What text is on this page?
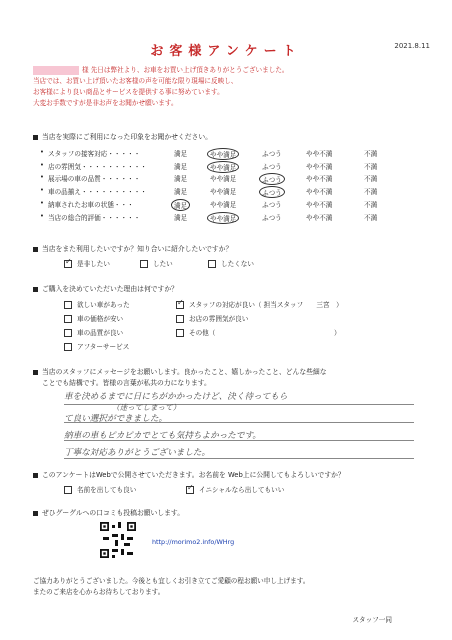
お客様アンケート	2021.8.11
様 先日は弊社より、お車をお買い上げ頂きありがとうございました。
当店では、お買い上げ頂いたお客様の声を可能な限り現場に反映し、
お客様により良い商品とサービスを提供する事に努めています。
大変お手数ですが是非お声をお聞かせ願います。
当店を実際にご利用になった印象をお聞かせください。
• スタッフの接客対応・・・・・	満足	やや満足	ふつう	やや不満	不満
• 店の雰囲気・・・・・・・・・・	満足	やや満足	ふつう	やや不満	不満
• 展示場の車の品質・・・・・・	満足	やや満足	ふつう	やや不満	不満
• 車の品揃え・・・・・・・・・・	満足	やや満足	ふつう	やや不満	不満
• 納車されたお車の状態・・・	満足	やや満足	ふつう	やや不満	不満
• 当店の総合的評価・・・・・・	満足	やや満足	ふつう	やや不満	不満
当店をまた利用したいですか？知り合いに紹介したいですか？
✓是非したい	したい	したくない
ご購入を決めていただいた理由は何ですか？
欲しい車があった
車の価格が安い
車の品質が良い
アフターサービス
✓スタッフの対応が良い（ 担当スタッフ　　三宮　）
お店の雰囲気が良い
その他（　　　　　　　　　　　　　　　　　　）
当店のスタッフにメッセージをお願いします。良かったこと、嬉しかったこと、どんな些細な
ことでも結構です。皆様の言葉が私共の力になります。
車を決めるまでに日にちがかかったけど、決く待ってもら
（迷ってしまって）
て良い選択ができました。
納車の車もピカピカでとても気持ちよかったです。
丁寧な対応ありがとうございました。
このアンケートはWebで公開させていただきます。お名前を Web上に公開してもよろしいですか？
名前を出しても良い
✓	イニシャルなら出してもいい
ぜひグーグルへの口コミも投稿お願いします。
http://morimo2.info/WHrg
ご協力ありがとうございました。今後とも宜しくお引き立てご愛顧の程お願い申し上げます。
またのご来店を心からお待ちしております。
スタッフ一同
